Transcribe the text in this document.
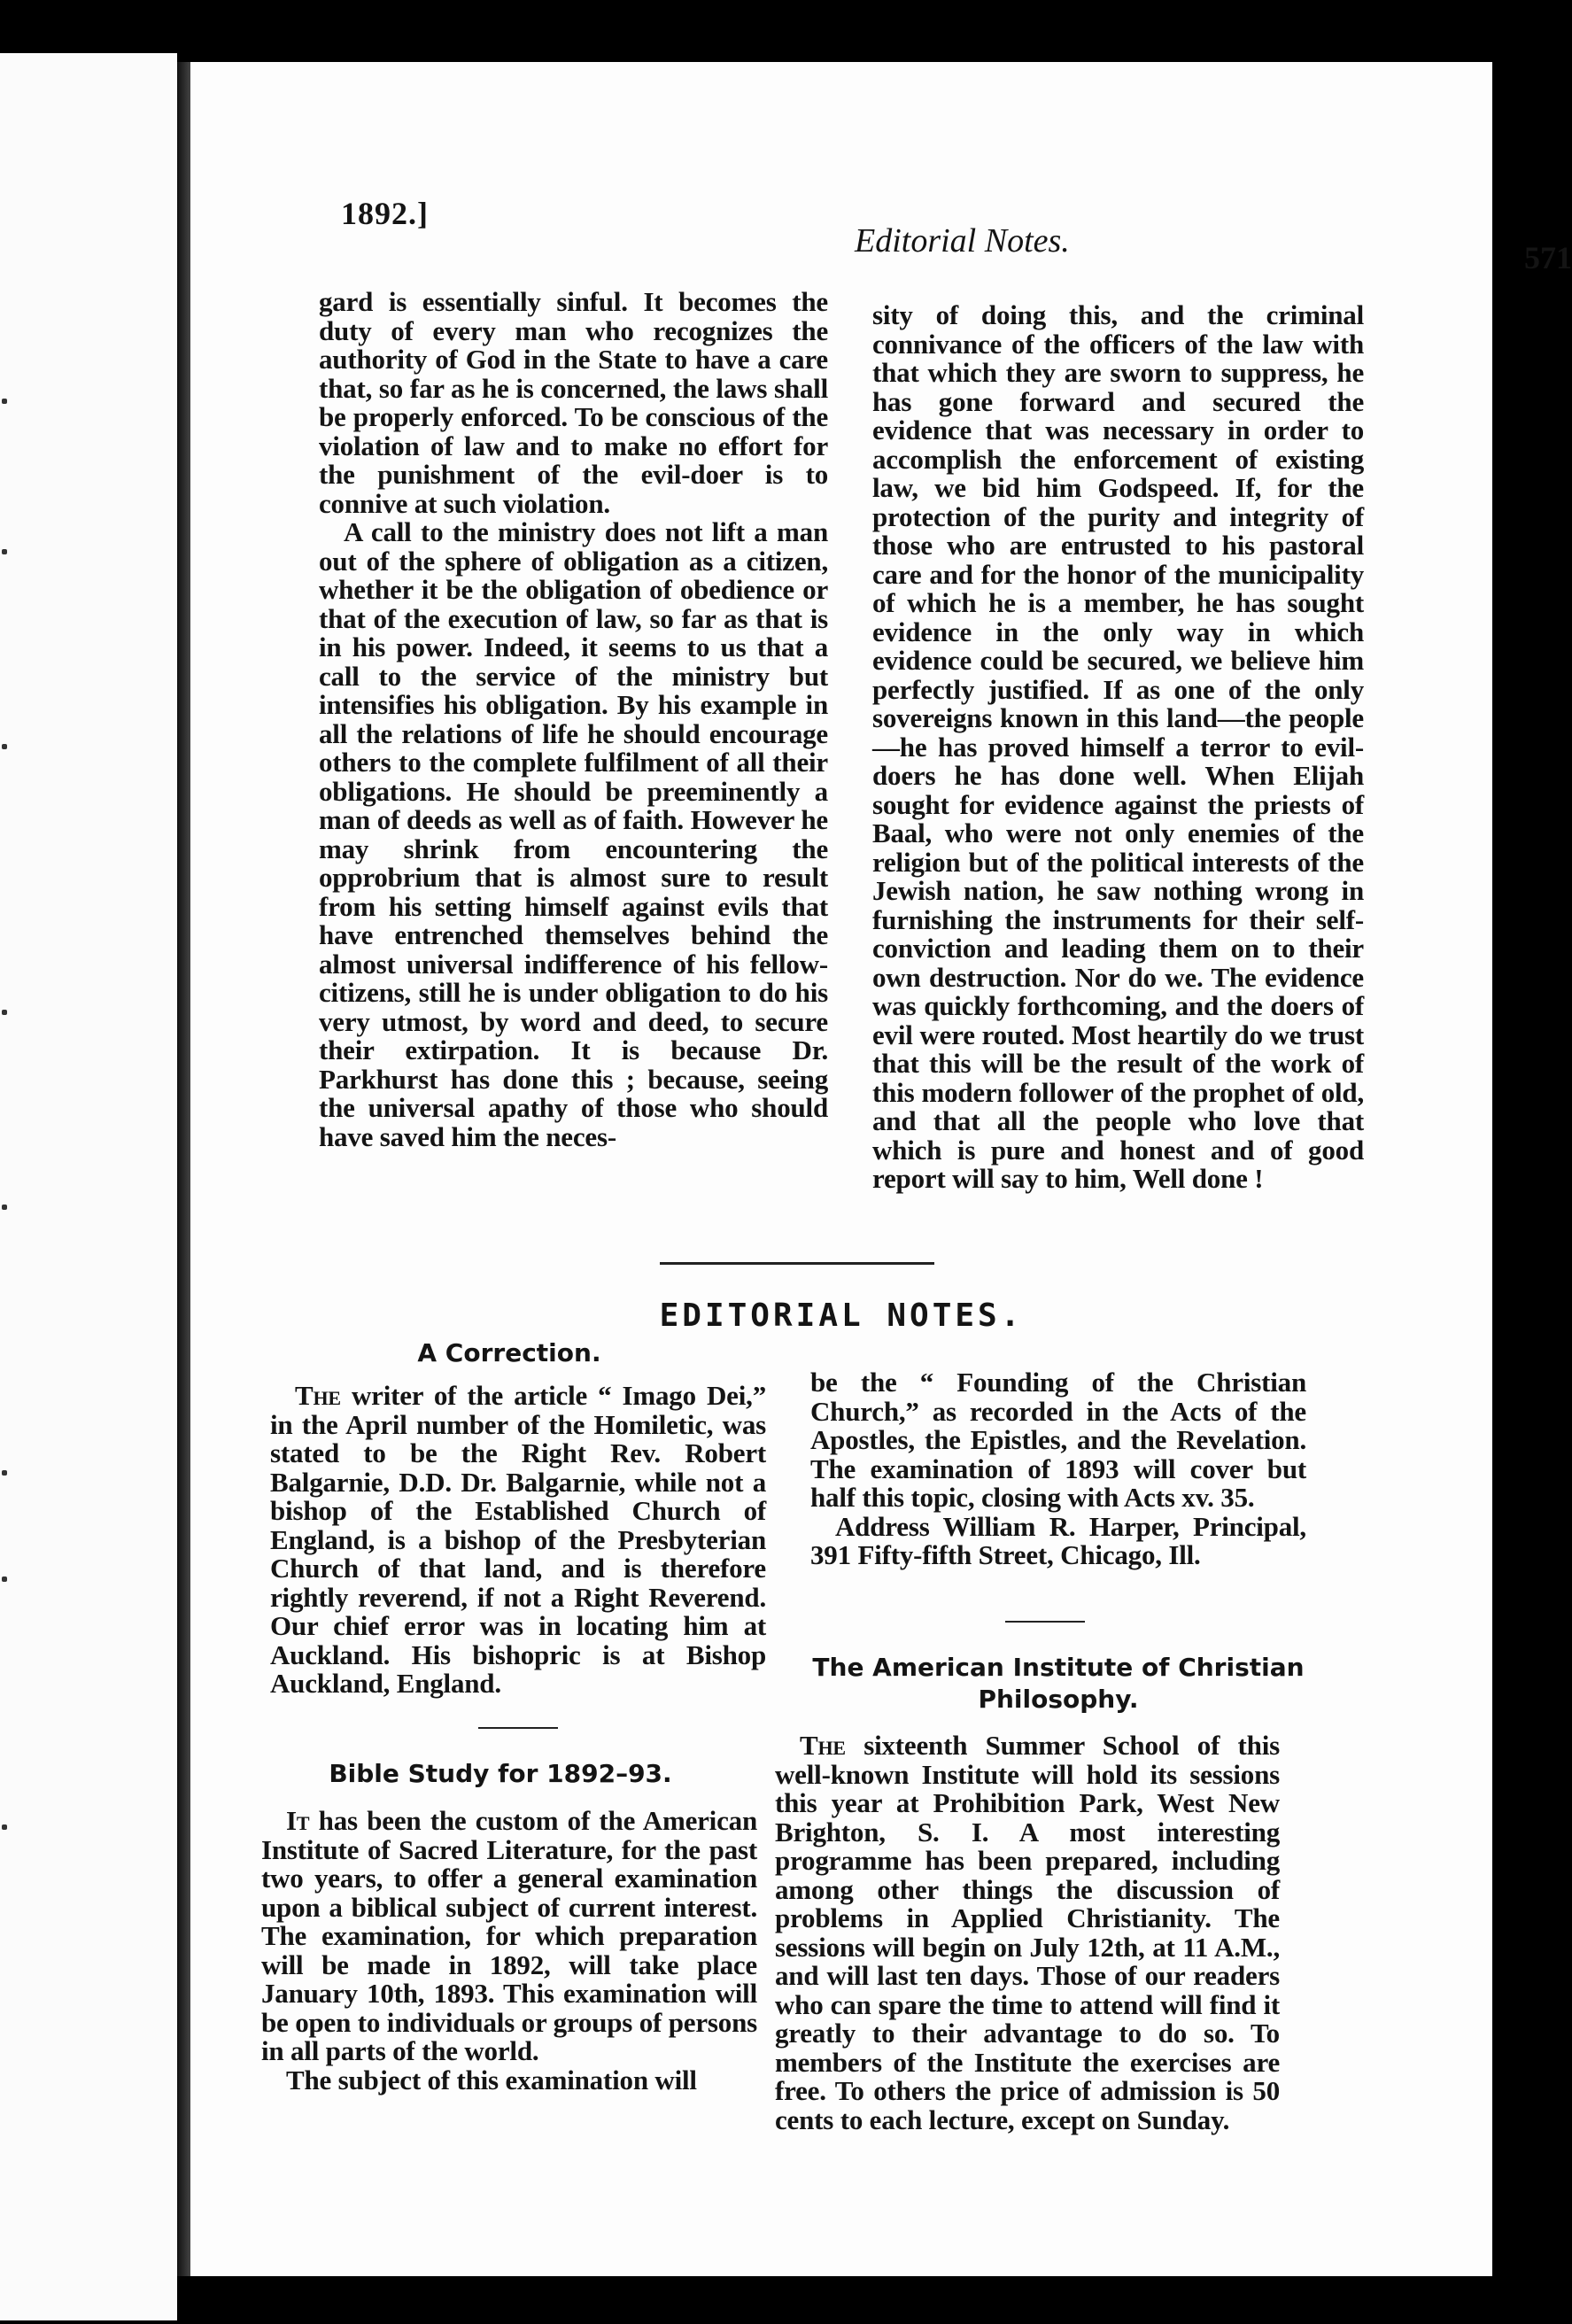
1892.]
Editorial Notes.	571

gard is essentially sinful. It becomes the duty of every man who recognizes the authority of God in the State to have a care that, so far as he is concerned, the laws shall be properly enforced. To be conscious of the violation of law and to make no effort for the punishment of the evil-doer is to connive at such violation.

A call to the ministry does not lift a man out of the sphere of obligation as a citizen, whether it be the obligation of obedience or that of the execution of law, so far as that is in his power. Indeed, it seems to us that a call to the service of the ministry but intensifies his obligation. By his example in all the relations of life he should encourage others to the complete fulfilment of all their obligations. He should be preeminently a man of deeds as well as of faith. However he may shrink from encountering the opprobrium that is almost sure to result from his setting himself against evils that have entrenched themselves behind the almost universal indifference of his fellow-citizens, still he is under obligation to do his very utmost, by word and deed, to secure their extirpation. It is because Dr. Parkhurst has done this ; because, seeing the universal apathy of those who should have saved him the neces-

sity of doing this, and the criminal connivance of the officers of the law with that which they are sworn to suppress, he has gone forward and secured the evidence that was necessary in order to accomplish the enforcement of existing law, we bid him Godspeed. If, for the protection of the purity and integrity of those who are entrusted to his pastoral care and for the honor of the municipality of which he is a member, he has sought evidence in the only way in which evidence could be secured, we believe him perfectly justified. If as one of the only sovereigns known in this land—the people—he has proved himself a terror to evil-doers he has done well. When Elijah sought for evidence against the priests of Baal, who were not only enemies of the religion but of the political interests of the Jewish nation, he saw nothing wrong in furnishing the instruments for their self-conviction and leading them on to their own destruction. Nor do we. The evidence was quickly forthcoming, and the doers of evil were routed. Most heartily do we trust that this will be the result of the work of this modern follower of the prophet of old, and that all the people who love that which is pure and honest and of good report will say to him, Well done !

EDITORIAL NOTES.
A Correction.

The writer of the article “ Imago Dei,” in the April number of the Homiletic, was stated to be the Right Rev. Robert Balgarnie, D.D. Dr. Balgarnie, while not a bishop of the Established Church of England, is a bishop of the Presbyterian Church of that land, and is therefore rightly reverend, if not a Right Reverend. Our chief error was in locating him at Auckland. His bishopric is at Bishop Auckland, England.

Bible Study for 1892–93.

It has been the custom of the American Institute of Sacred Literature, for the past two years, to offer a general examination upon a biblical subject of current interest. The examination, for which preparation will be made in 1892, will take place January 10th, 1893. This examination will be open to individuals or groups of persons in all parts of the world.

The subject of this examination will

be the “ Founding of the Christian Church,” as recorded in the Acts of the Apostles, the Epistles, and the Revelation. The examination of 1893 will cover but half this topic, closing with Acts xv. 35.

Address William R. Harper, Principal, 391 Fifty-fifth Street, Chicago, Ill.

The American Institute of Christian
Philosophy.

The sixteenth Summer School of this well-known Institute will hold its sessions this year at Prohibition Park, West New Brighton, S. I. A most interesting programme has been prepared, including among other things the discussion of problems in Applied Christianity. The sessions will begin on July 12th, at 11 A.M., and will last ten days. Those of our readers who can spare the time to attend will find it greatly to their advantage to do so. To members of the Institute the exercises are free. To others the price of admission is 50 cents to each lecture, except on Sunday.
